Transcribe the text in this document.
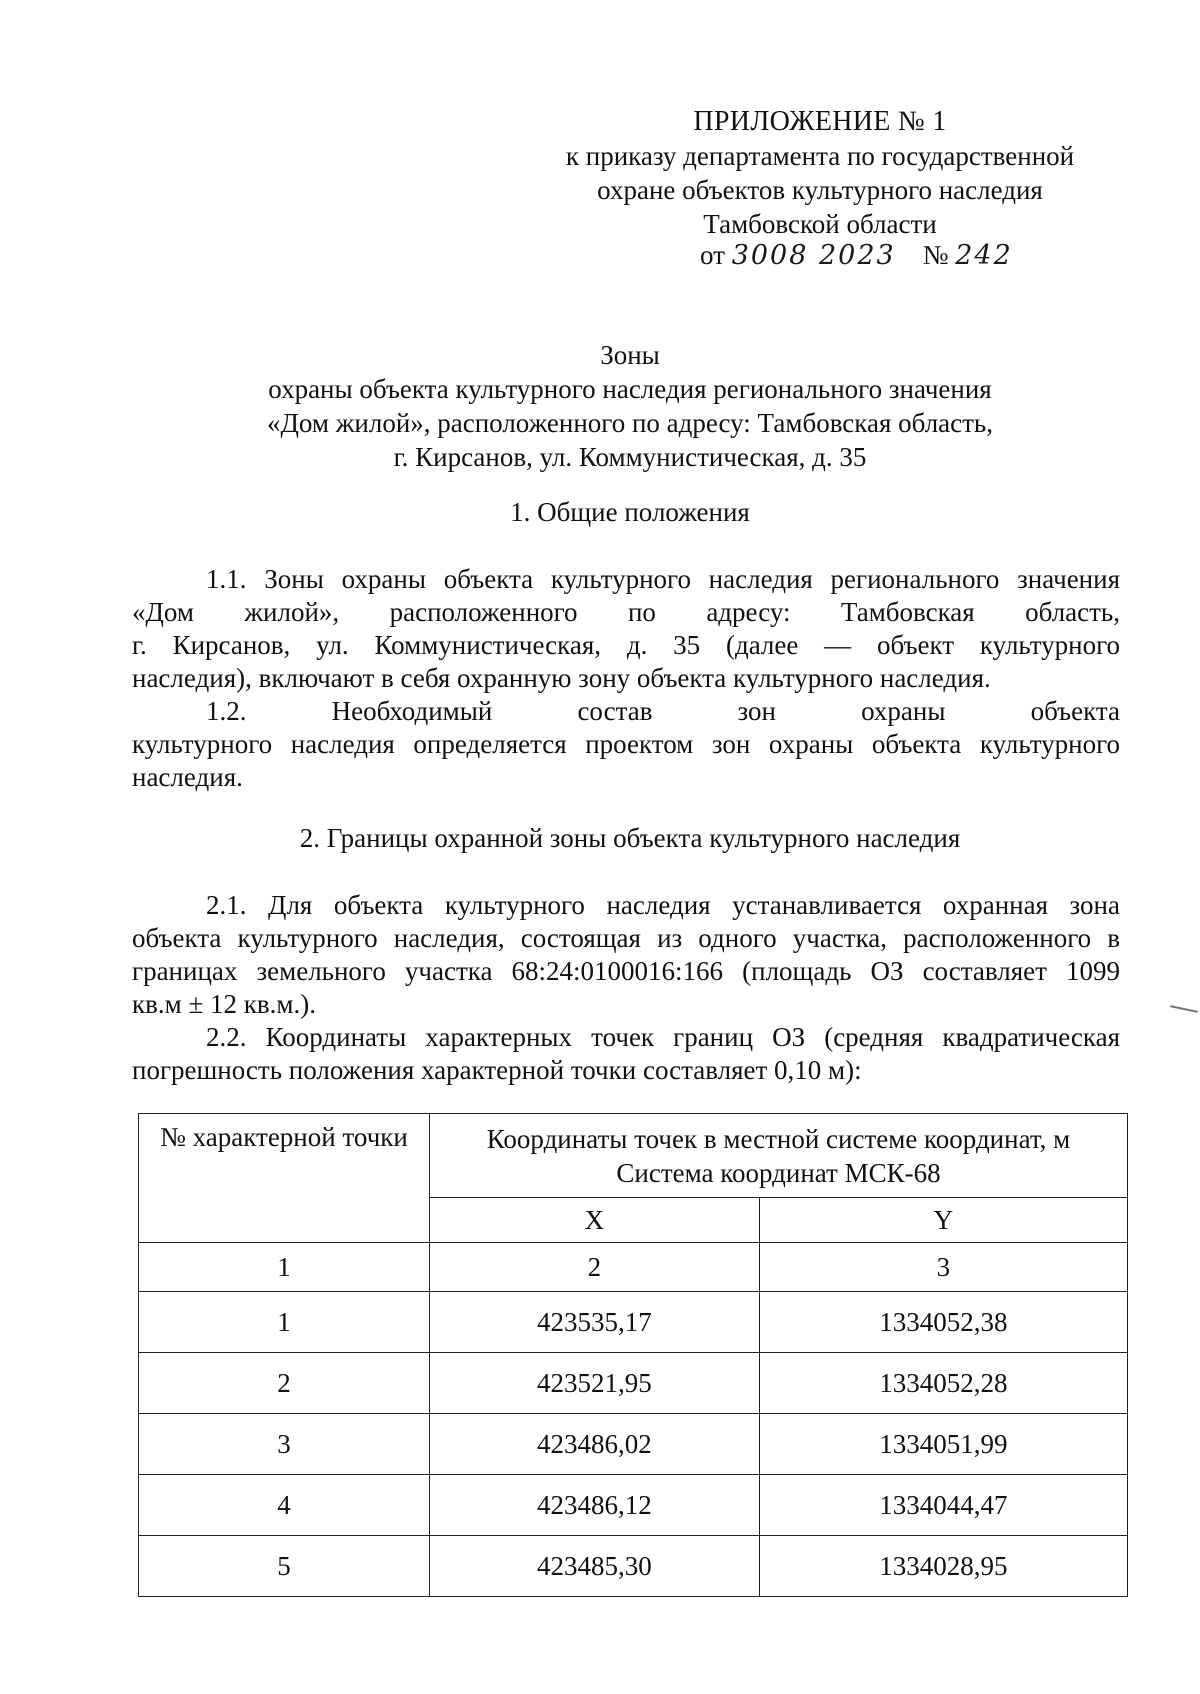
ПРИЛОЖЕНИЕ № 1
к приказу департамента по государственной
охране объектов культурного наследия
Тамбовской области
от 3008 2023 № 242
Зоны
охраны объекта культурного наследия регионального значения
«Дом жилой», расположенного по адресу: Тамбовская область,
г. Кирсанов, ул. Коммунистическая, д. 35
1. Общие положения
1.1. Зоны охраны объекта культурного наследия регионального значения
«Дом жилой», расположенного по адресу: Тамбовская область,
г. Кирсанов, ул. Коммунистическая, д. 35 (далее — объект культурного
наследия), включают в себя охранную зону объекта культурного наследия.
1.2. Необходимый состав зон охраны объекта
культурного наследия определяется проектом зон охраны объекта культурного
наследия.
2. Границы охранной зоны объекта культурного наследия
2.1. Для объекта культурного наследия устанавливается охранная зона
объекта культурного наследия, состоящая из одного участка, расположенного в
границах земельного участка 68:24:0100016:166 (площадь ОЗ составляет 1099
кв.м ± 12 кв.м.).
2.2. Координаты характерных точек границ ОЗ (средняя квадратическая
погрешность положения характерной точки составляет 0,10 м):
№ характерной точки	Координаты точек в местной системе координат, м
Система координат МСК-68	
	X	Y
1	2	3
1	423535,17	1334052,38
2	423521,95	1334052,28
3	423486,02	1334051,99
4	423486,12	1334044,47
5	423485,30	1334028,95
